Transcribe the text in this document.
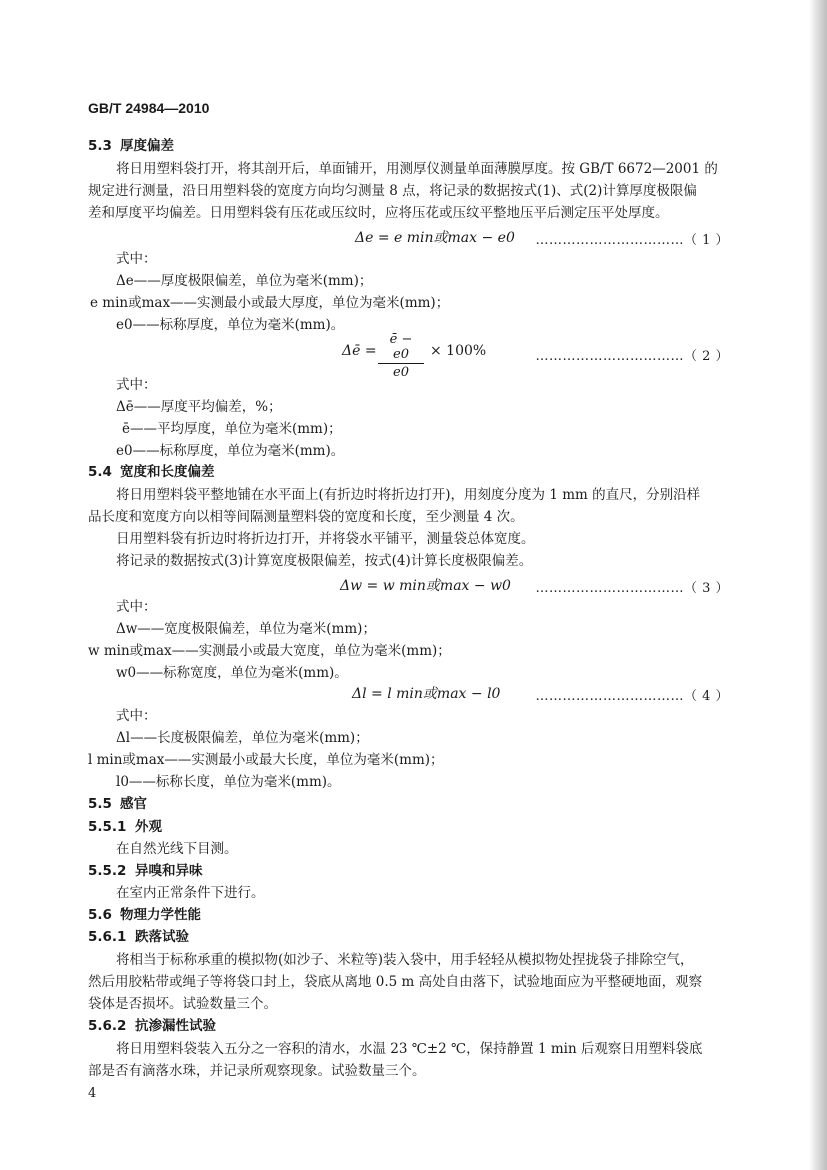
GB/T 24984—2010
5.3 厚度偏差
将日用塑料袋打开，将其剖开后，单面铺开，用测厚仪测量单面薄膜厚度。按 GB/T 6672—2001 的
规定进行测量，沿日用塑料袋的宽度方向均匀测量 8 点，将记录的数据按式(1)、式(2)计算厚度极限偏
差和厚度平均偏差。日用塑料袋有压花或压纹时，应将压花或压纹平整地压平后测定压平处厚度。
Δe = e min或max − e0 ……………………………（ 1 ）
式中：
Δe——厚度极限偏差，单位为毫米(mm)；
e min或max——实测最小或最大厚度，单位为毫米(mm)；
e0——标称厚度，单位为毫米(mm)。
Δē = $\frac{ē - e0}{e0} \times 100\%$	……………………………（ 2 ）
式中：
Δē——厚度平均偏差，%；
ē——平均厚度，单位为毫米(mm)；
e0——标称厚度，单位为毫米(mm)。
5.4 宽度和长度偏差
将日用塑料袋平整地铺在水平面上(有折边时将折边打开)，用刻度分度为 1 mm 的直尺，分别沿样
品长度和宽度方向以相等间隔测量塑料袋的宽度和长度，至少测量 4 次。
日用塑料袋有折边时将折边打开，并将袋水平铺平，测量袋总体宽度。
将记录的数据按式(3)计算宽度极限偏差，按式(4)计算长度极限偏差。
Δw = w min或max − w0 ……………………………（ 3 ）
式中：
Δw——宽度极限偏差，单位为毫米(mm)；
w min或max——实测最小或最大宽度，单位为毫米(mm)；
w0——标称宽度，单位为毫米(mm)。
Δl = l min或max − l0	……………………………（ 4 ）
式中：
Δl——长度极限偏差，单位为毫米(mm)；
l min或max——实测最小或最大长度，单位为毫米(mm)；
l0——标称长度，单位为毫米(mm)。
5.5 感官
5.5.1 外观
在自然光线下目测。
5.5.2 异嗅和异味
在室内正常条件下进行。
5.6 物理力学性能
5.6.1 跌落试验
将相当于标称承重的模拟物(如沙子、米粒等)装入袋中，用手轻轻从模拟物处捏拢袋子排除空气，
然后用胶粘带或绳子等将袋口封上，袋底从离地 0.5 m 高处自由落下，试验地面应为平整硬地面，观察
袋体是否损坏。试验数量三个。
5.6.2 抗渗漏性试验
将日用塑料袋装入五分之一容积的清水，水温 23 ℃±2 ℃，保持静置 1 min 后观察日用塑料袋底
部是否有滴落水珠，并记录所观察现象。试验数量三个。
4
